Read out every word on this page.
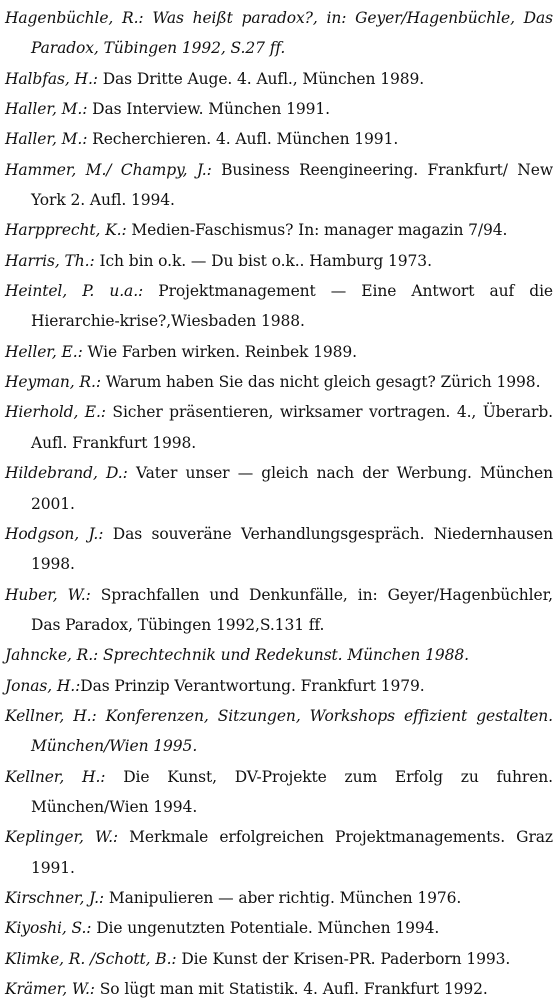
Hagenbüchle, R.: Was heißt paradox?, in: Geyer/Hagenbüchle, Das Paradox, Tübingen 1992, S.27 ff.

Halbfas, H.: Das Dritte Auge. 4. Aufl., München 1989.

Haller, M.: Das Interview. München 1991.

Haller, M.: Recherchieren. 4. Aufl. München 1991.

Hammer, M./ Champy, J.: Business Reengineering. Frankfurt/ New York 2. Aufl. 1994.

Harpprecht, K.: Medien-Faschismus? In: manager magazin 7/94.

Harris, Th.: Ich bin o.k. — Du bist o.k.. Hamburg 1973.

Heintel, P. u.a.: Projektmanagement — Eine Antwort auf die Hierarchie-krise?,Wiesbaden 1988.

Heller, E.: Wie Farben wirken. Reinbek 1989.

Heyman, R.: Warum haben Sie das nicht gleich gesagt? Zürich 1998.

Hierhold, E.: Sicher präsentieren, wirksamer vortragen. 4., Überarb. Aufl. Frankfurt 1998.

Hildebrand, D.: Vater unser — gleich nach der Werbung. München 2001.

Hodgson, J.: Das souveräne Verhandlungsgespräch. Niedernhausen 1998.

Huber, W.: Sprachfallen und Denkunfälle, in: Geyer/Hagenbüchler, Das Paradox, Tübingen 1992,S.131 ff.

Jahncke, R.: Sprechtechnik und Redekunst. München 1988.

Jonas, H.:Das Prinzip Verantwortung. Frankfurt 1979.

Kellner, H.: Konferenzen, Sitzungen, Workshops effizient gestalten. München/Wien 1995.

Kellner, H.: Die Kunst, DV-Projekte zum Erfolg zu fuhren. München/Wien 1994.

Keplinger, W.: Merkmale erfolgreichen Projektmanagements. Graz 1991.

Kirschner, J.: Manipulieren — aber richtig. München 1976.

Kiyoshi, S.: Die ungenutzten Potentiale. München 1994.

Klimke, R. /Schott, B.: Die Kunst der Krisen-PR. Paderborn 1993.

Krämer, W.: So lügt man mit Statistik. 4. Aufl. Frankfurt 1992.
